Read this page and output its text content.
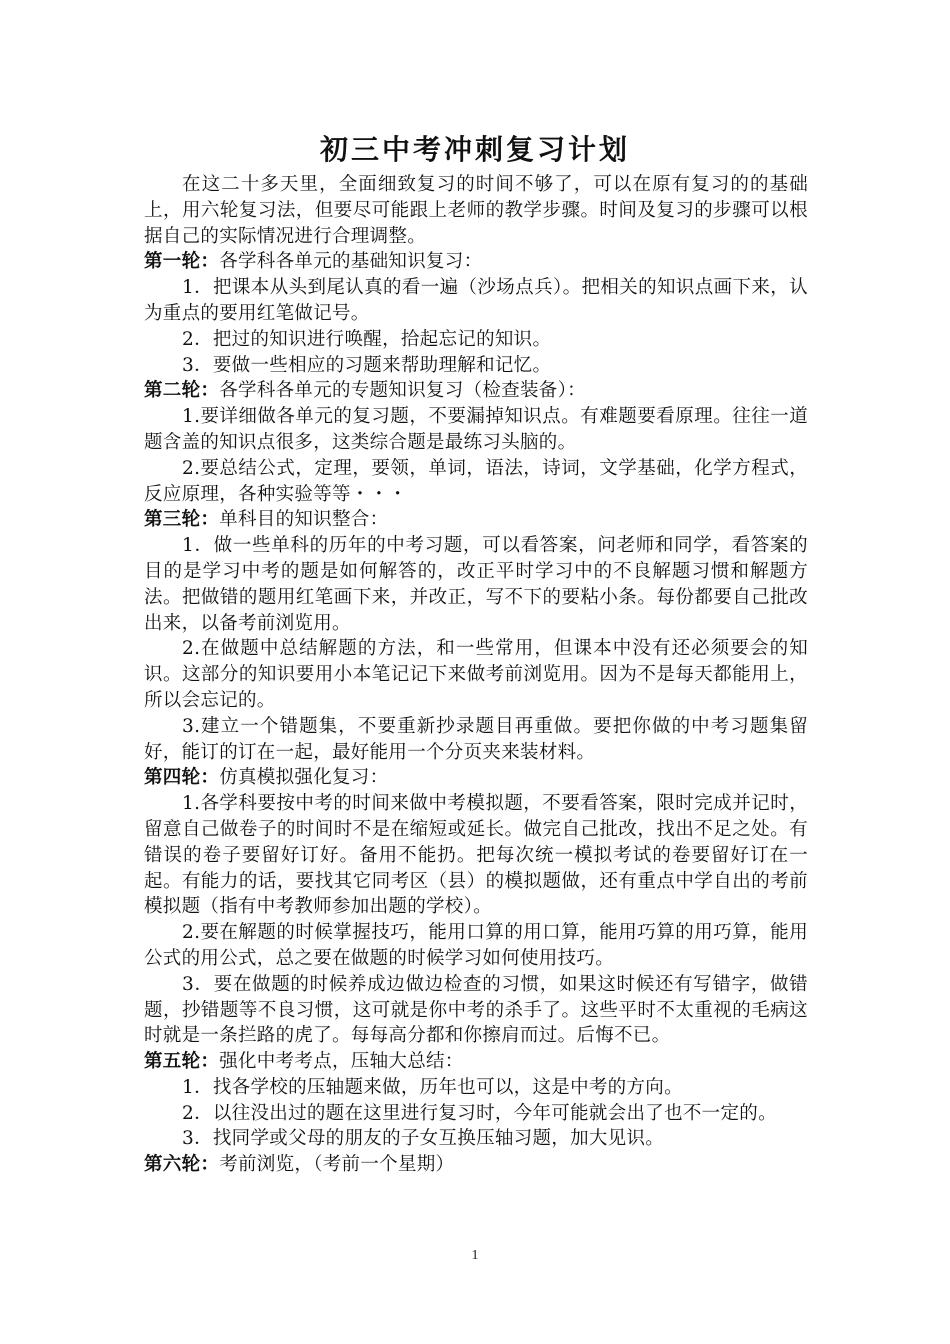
初三中考冲刺复习计划

在这二十多天里，全面细致复习的时间不够了，可以在原有复习的的基础上，用六轮复习法，但要尽可能跟上老师的教学步骤。时间及复习的步骤可以根据自己的实际情况进行合理调整。

第一轮：各学科各单元的基础知识复习：

1．把课本从头到尾认真的看一遍（沙场点兵）。把相关的知识点画下来，认为重点的要用红笔做记号。

2．把过的知识进行唤醒，拾起忘记的知识。

3．要做一些相应的习题来帮助理解和记忆。

第二轮：各学科各单元的专题知识复习（检查装备）：

1.要详细做各单元的复习题，不要漏掉知识点。有难题要看原理。往往一道题含盖的知识点很多，这类综合题是最练习头脑的。

2.要总结公式，定理，要领，单词，语法，诗词，文学基础，化学方程式，反应原理，各种实验等等・・・

第三轮：单科目的知识整合：

1．做一些单科的历年的中考习题，可以看答案，问老师和同学，看答案的目的是学习中考的题是如何解答的，改正平时学习中的不良解题习惯和解题方法。把做错的题用红笔画下来，并改正，写不下的要粘小条。每份都要自己批改出来，以备考前浏览用。

2.在做题中总结解题的方法，和一些常用，但课本中没有还必须要会的知识。这部分的知识要用小本笔记记下来做考前浏览用。因为不是每天都能用上，所以会忘记的。

3.建立一个错题集，不要重新抄录题目再重做。要把你做的中考习题集留好，能订的订在一起，最好能用一个分页夹来装材料。

第四轮：仿真模拟强化复习：

1.各学科要按中考的时间来做中考模拟题，不要看答案，限时完成并记时，留意自己做卷子的时间时不是在缩短或延长。做完自己批改，找出不足之处。有错误的卷子要留好订好。备用不能扔。把每次统一模拟考试的卷要留好订在一起。有能力的话，要找其它同考区（县）的模拟题做，还有重点中学自出的考前模拟题（指有中考教师参加出题的学校）。

2.要在解题的时候掌握技巧，能用口算的用口算，能用巧算的用巧算，能用公式的用公式，总之要在做题的时候学习如何使用技巧。

3．要在做题的时候养成边做边检查的习惯，如果这时候还有写错字，做错题，抄错题等不良习惯，这可就是你中考的杀手了。这些平时不太重视的毛病这时就是一条拦路的虎了。每每高分都和你擦肩而过。后悔不已。

第五轮：强化中考考点，压轴大总结：

1．找各学校的压轴题来做，历年也可以，这是中考的方向。

2．以往没出过的题在这里进行复习时，今年可能就会出了也不一定的。

3．找同学或父母的朋友的子女互换压轴习题，加大见识。

第六轮：考前浏览，（考前一个星期）

1
